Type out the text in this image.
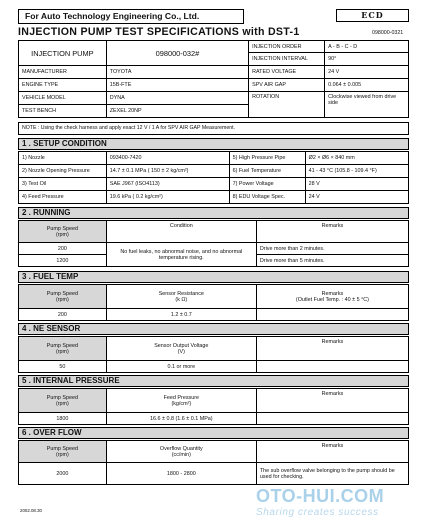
For Auto Technology Engineering Co., Ltd.	ECD
INJECTION PUMP TEST SPECIFICATIONS with DST-1	098000-0321
INJECTION PUMP	098000-032#	INJECTION ORDER	A - B - C - D
		INJECTION INTERVAL	90°
MANUFACTURER	TOYOTA	RATED VOLTAGE	24 V
ENGINE TYPE	15B-FTE	SPV AIR GAP	0.064 ± 0.005
VEHICLE MODEL	DYNA	ROTATION	Clockwise viewed from drive side
TEST BENCH	ZEXEL 20NP		
NOTE : Using the check harness and apply exact 12 V / 1 A for SPV AIR GAP Measurement.
1 . SETUP CONDITION
1) Nozzle	093400-7420	5) High Pressure Pipe	Ø2 × Ø6 × 840 mm
2) Nozzle Opening Pressure	14.7 ± 0.1 MPa ( 150 ± 2 kg/cm²)	6) Fuel Temperature	41 - 43 °C (105.8 - 109.4 °F)
3) Test Oil	SAE J967 (ISO4113)	7) Power Voltage	28 V
4) Feed Pressure	19.6 kPa ( 0.2 kg/cm²)	8) EDU Voltage Spec.	24 V
2 . RUNNING
Pump Speed
(rpm)	Condition	Remarks
200	No fuel leaks, no abnormal noise, and no abnormal temperature rising.	Drive more than 2 minutes.
1200		Drive more than 5 minutes.
3 . FUEL TEMP
Pump Speed
(rpm)	Sensor Resistance
(k Ω)	Remarks
(Outlet Fuel Temp. : 40 ± 5 °C)
200	1.2 ± 0.7	
4 . NE SENSOR
Pump Speed
(rpm)	Sensor Output Voltage
(V)	Remarks
50	0.1 or more	
5 . INTERNAL PRESSURE
Pump Speed
(rpm)	Feed Pressure
(kg/cm²)	Remarks
1800	16.6 ± 0.8 (1.6 ± 0.1 MPa)	
6 . OVER FLOW
Pump Speed
(rpm)	Overflow Quantity
(cc/min)	Remarks
2000	1800 - 2800	The sub overflow valve belonging to the pump should be used for checking.
2002.08.30
OTO-HUI.COM
Sharing creates success
